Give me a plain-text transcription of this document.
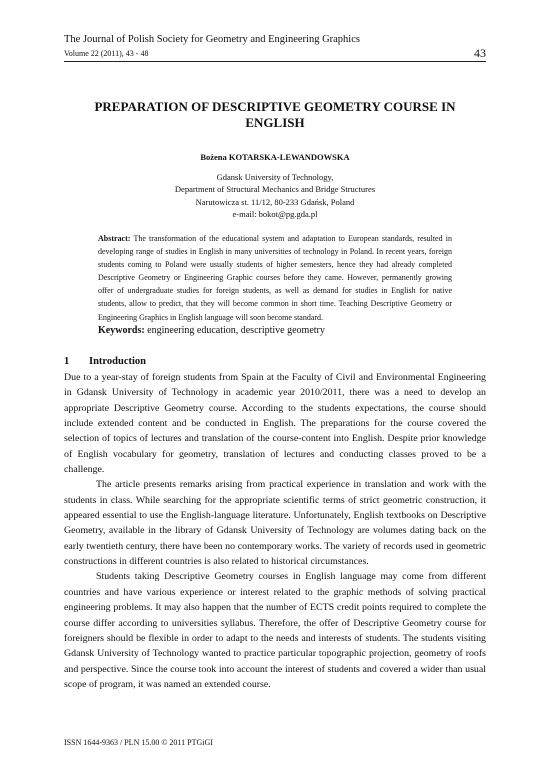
The Journal of Polish Society for Geometry and Engineering Graphics
Volume 22 (2011), 43 - 48	43
PREPARATION OF DESCRIPTIVE GEOMETRY COURSE IN ENGLISH
Bożena KOTARSKA-LEWANDOWSKA
Gdansk University of Technology,
Department of Structural Mechanics and Bridge Structures
Narutowicza st. 11/12, 80-233 Gdańsk, Poland
e-mail: bokot@pg.gda.pl
Abstract: The transformation of the educational system and adaptation to European standards, resulted in developing range of studies in English in many universities of technology in Poland. In recent years, foreign students coming to Poland were usually students of higher semesters, hence they had already completed Descriptive Geometry or Engineering Graphic courses before they came. However, permanently growing offer of undergraduate studies for foreign students, as well as demand for studies in English for native students, allow to predict, that they will become common in short time. Teaching Descriptive Geometry or Engineering Graphics in English language will soon become standard.
Keywords: engineering education, descriptive geometry
1 Introduction

Due to a year-stay of foreign students from Spain at the Faculty of Civil and Environmental Engineering in Gdansk University of Technology in academic year 2010/2011, there was a need to develop an appropriate Descriptive Geometry course. According to the students expectations, the course should include extended content and be conducted in English. The preparations for the course covered the selection of topics of lectures and translation of the course-content into English. Despite prior knowledge of English vocabulary for geometry, translation of lectures and conducting classes proved to be a challenge.

The article presents remarks arising from practical experience in translation and work with the students in class. While searching for the appropriate scientific terms of strict geometric construction, it appeared essential to use the English-language literature. Unfortunately, English textbooks on Descriptive Geometry, available in the library of Gdansk University of Technology are volumes dating back on the early twentieth century, there have been no contemporary works. The variety of records used in geometric constructions in different countries is also related to historical circumstances.

Students taking Descriptive Geometry courses in English language may come from different countries and have various experience or interest related to the graphic methods of solving practical engineering problems. It may also happen that the number of ECTS credit points required to complete the course differ according to universities syllabus. Therefore, the offer of Descriptive Geometry course for foreigners should be flexible in order to adapt to the needs and interests of students. The students visiting Gdansk University of Technology wanted to practice particular topographic projection, geometry of roofs and perspective. Since the course took into account the interest of students and covered a wider than usual scope of program, it was named an extended course.

ISSN 1644-9363 / PLN 15.00 © 2011 PTGiGI
